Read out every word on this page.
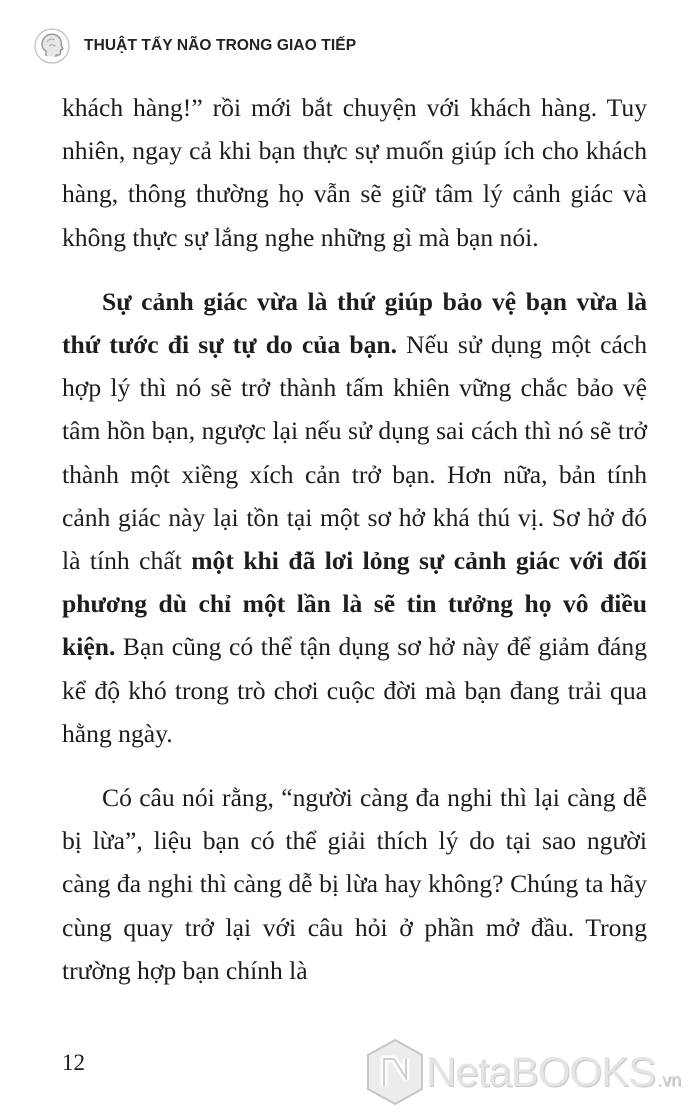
THUẬT TẨY NÃO TRONG GIAO TIẾP

khách hàng!” rồi mới bắt chuyện với khách hàng. Tuy nhiên, ngay cả khi bạn thực sự muốn giúp ích cho khách hàng, thông thường họ vẫn sẽ giữ tâm lý cảnh giác và không thực sự lắng nghe những gì mà bạn nói.

Sự cảnh giác vừa là thứ giúp bảo vệ bạn vừa là thứ tước đi sự tự do của bạn. Nếu sử dụng một cách hợp lý thì nó sẽ trở thành tấm khiên vững chắc bảo vệ tâm hồn bạn, ngược lại nếu sử dụng sai cách thì nó sẽ trở thành một xiềng xích cản trở bạn. Hơn nữa, bản tính cảnh giác này lại tồn tại một sơ hở khá thú vị. Sơ hở đó là tính chất một khi đã lơi lỏng sự cảnh giác với đối phương dù chỉ một lần là sẽ tin tưởng họ vô điều kiện. Bạn cũng có thể tận dụng sơ hở này để giảm đáng kể độ khó trong trò chơi cuộc đời mà bạn đang trải qua hằng ngày.

Có câu nói rằng, “người càng đa nghi thì lại càng dễ bị lừa”, liệu bạn có thể giải thích lý do tại sao người càng đa nghi thì càng dễ bị lừa hay không? Chúng ta hãy cùng quay trở lại với câu hỏi ở phần mở đầu. Trong trường hợp bạn chính là

12	NetaBOOKS .vn
